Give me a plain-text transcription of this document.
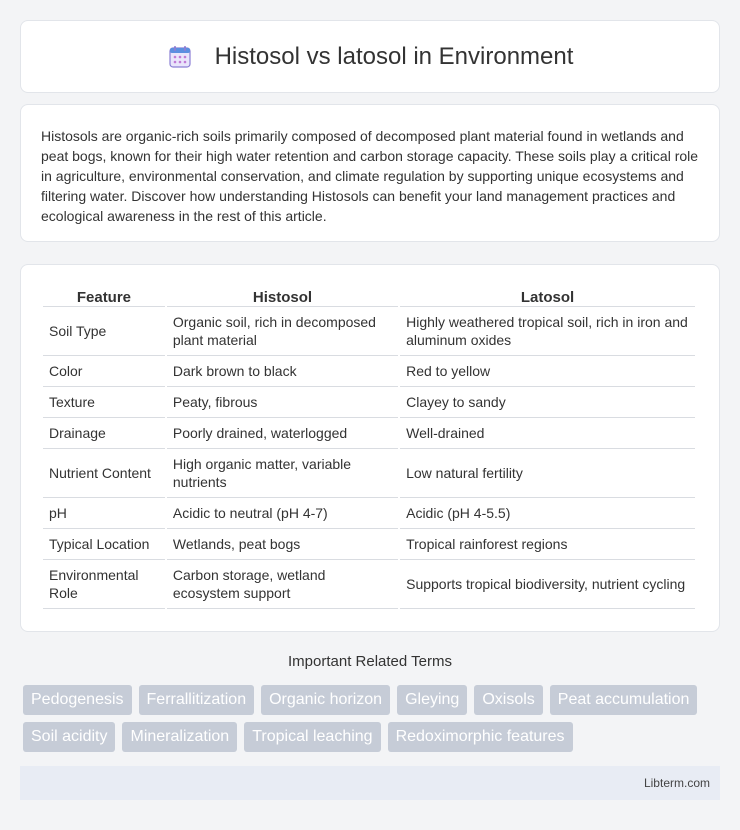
Histosol vs latosol in Environment

Histosols are organic-rich soils primarily composed of decomposed plant material found in wetlands and peat bogs, known for their high water retention and carbon storage capacity. These soils play a critical role in agriculture, environmental conservation, and climate regulation by supporting unique ecosystems and filtering water. Discover how understanding Histosols can benefit your land management practices and ecological awareness in the rest of this article.

Feature	Histosol	Latosol
Soil Type	Organic soil, rich in decomposed plant material	Highly weathered tropical soil, rich in iron and aluminum oxides
Color	Dark brown to black	Red to yellow
Texture	Peaty, fibrous	Clayey to sandy
Drainage	Poorly drained, waterlogged	Well-drained
Nutrient Content	High organic matter, variable nutrients	Low natural fertility
pH	Acidic to neutral (pH 4-7)	Acidic (pH 4-5.5)
Typical Location	Wetlands, peat bogs	Tropical rainforest regions
Environmental Role	Carbon storage, wetland ecosystem support	Supports tropical biodiversity, nutrient cycling
Important Related Terms
Pedogenesis	Ferrallitization	Organic horizon	Gleying	Oxisols	Peat accumulation
Soil acidity	Mineralization	Tropical leaching	Redoximorphic features
Libterm.com
